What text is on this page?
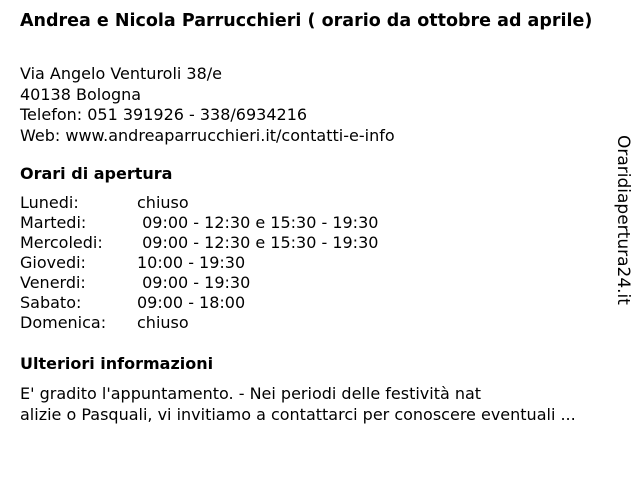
Andrea e Nicola Parrucchieri ( orario da ottobre ad aprile)
Via Angelo Venturoli 38/e
40138 Bologna
Telefon: 051 391926 - 338/6934216
Web: www.andreaparrucchieri.it/contatti-e-info
Orari di apertura
Lunedi:	chiuso
Martedi:	09:00 - 12:30 e 15:30 - 19:30
Mercoledi: 09:00 - 12:30 e 15:30 - 19:30
Giovedi:	10:00 - 19:30
Venerdi:	09:00 - 19:30
Sabato:	09:00 - 18:00
Domenica: chiuso
Ulteriori informazioni
E' gradito l'appuntamento. - Nei periodi delle festività nat
alizie o Pasquali, vi invitiamo a contattarci per conoscere eventuali ...
Oraridiapertura24.it
